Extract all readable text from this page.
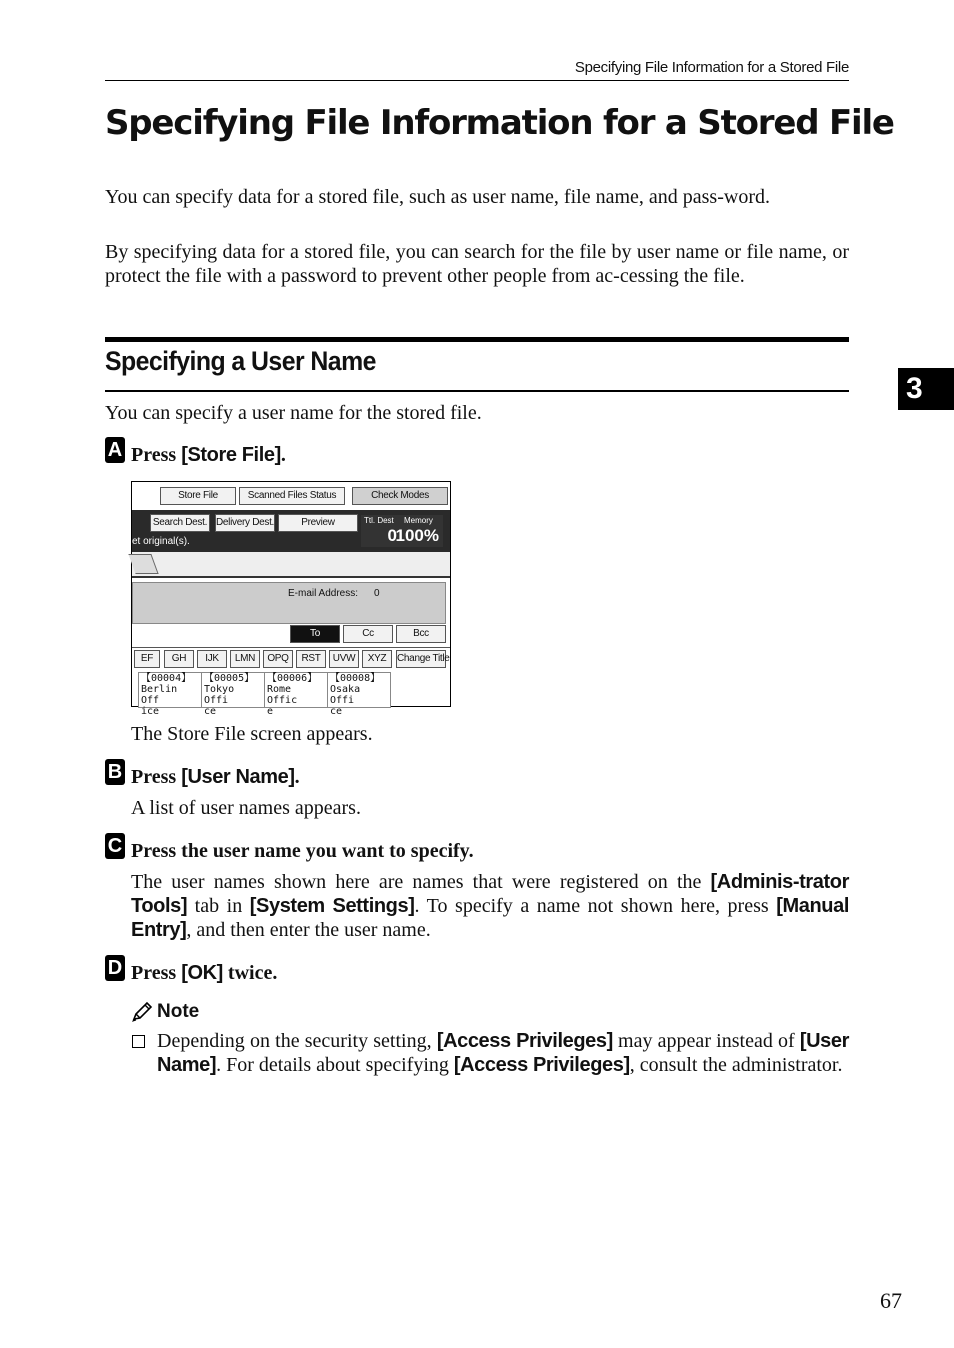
Specifying File Information for a Stored File
Specifying File Information for a Stored File

You can specify data for a stored file, such as user name, file name, and pass-word.

By specifying data for a stored file, you can search for the file by user name or file name, or protect the file with a password to prevent other people from ac-cessing the file.

Specifying a User Name
3

You can specify a user name for the stored file.

A Press [Store File].
Store File	Scanned Files Status	Check Modes
Search Dest. Delivery Dest.	Preview	Ttl. Dest
0
Memory
100%
et original(s).
E-mail Address: 0
To	Cc	Bcc
EF	GH	IJK	LMN	OPQ	RST	UVW	XYZ	Change Title
【00004】
Berlin Off
ice
【00005】
Tokyo Offi
ce
【00006】
Rome Offic
e
【00008】
Osaka Offi
ce
The Store File screen appears.
B Press [User Name].
A list of user names appears.
C Press the user name you want to specify.
The user names shown here are names that were registered on the [Adminis-trator Tools] tab in [System Settings]. To specify a name not shown here, press [Manual Entry], and then enter the user name.
D Press [OK] twice.
Note
Depending on the security setting, [Access Privileges] may appear instead of [User Name]. For details about specifying [Access Privileges], consult the administrator.
67
